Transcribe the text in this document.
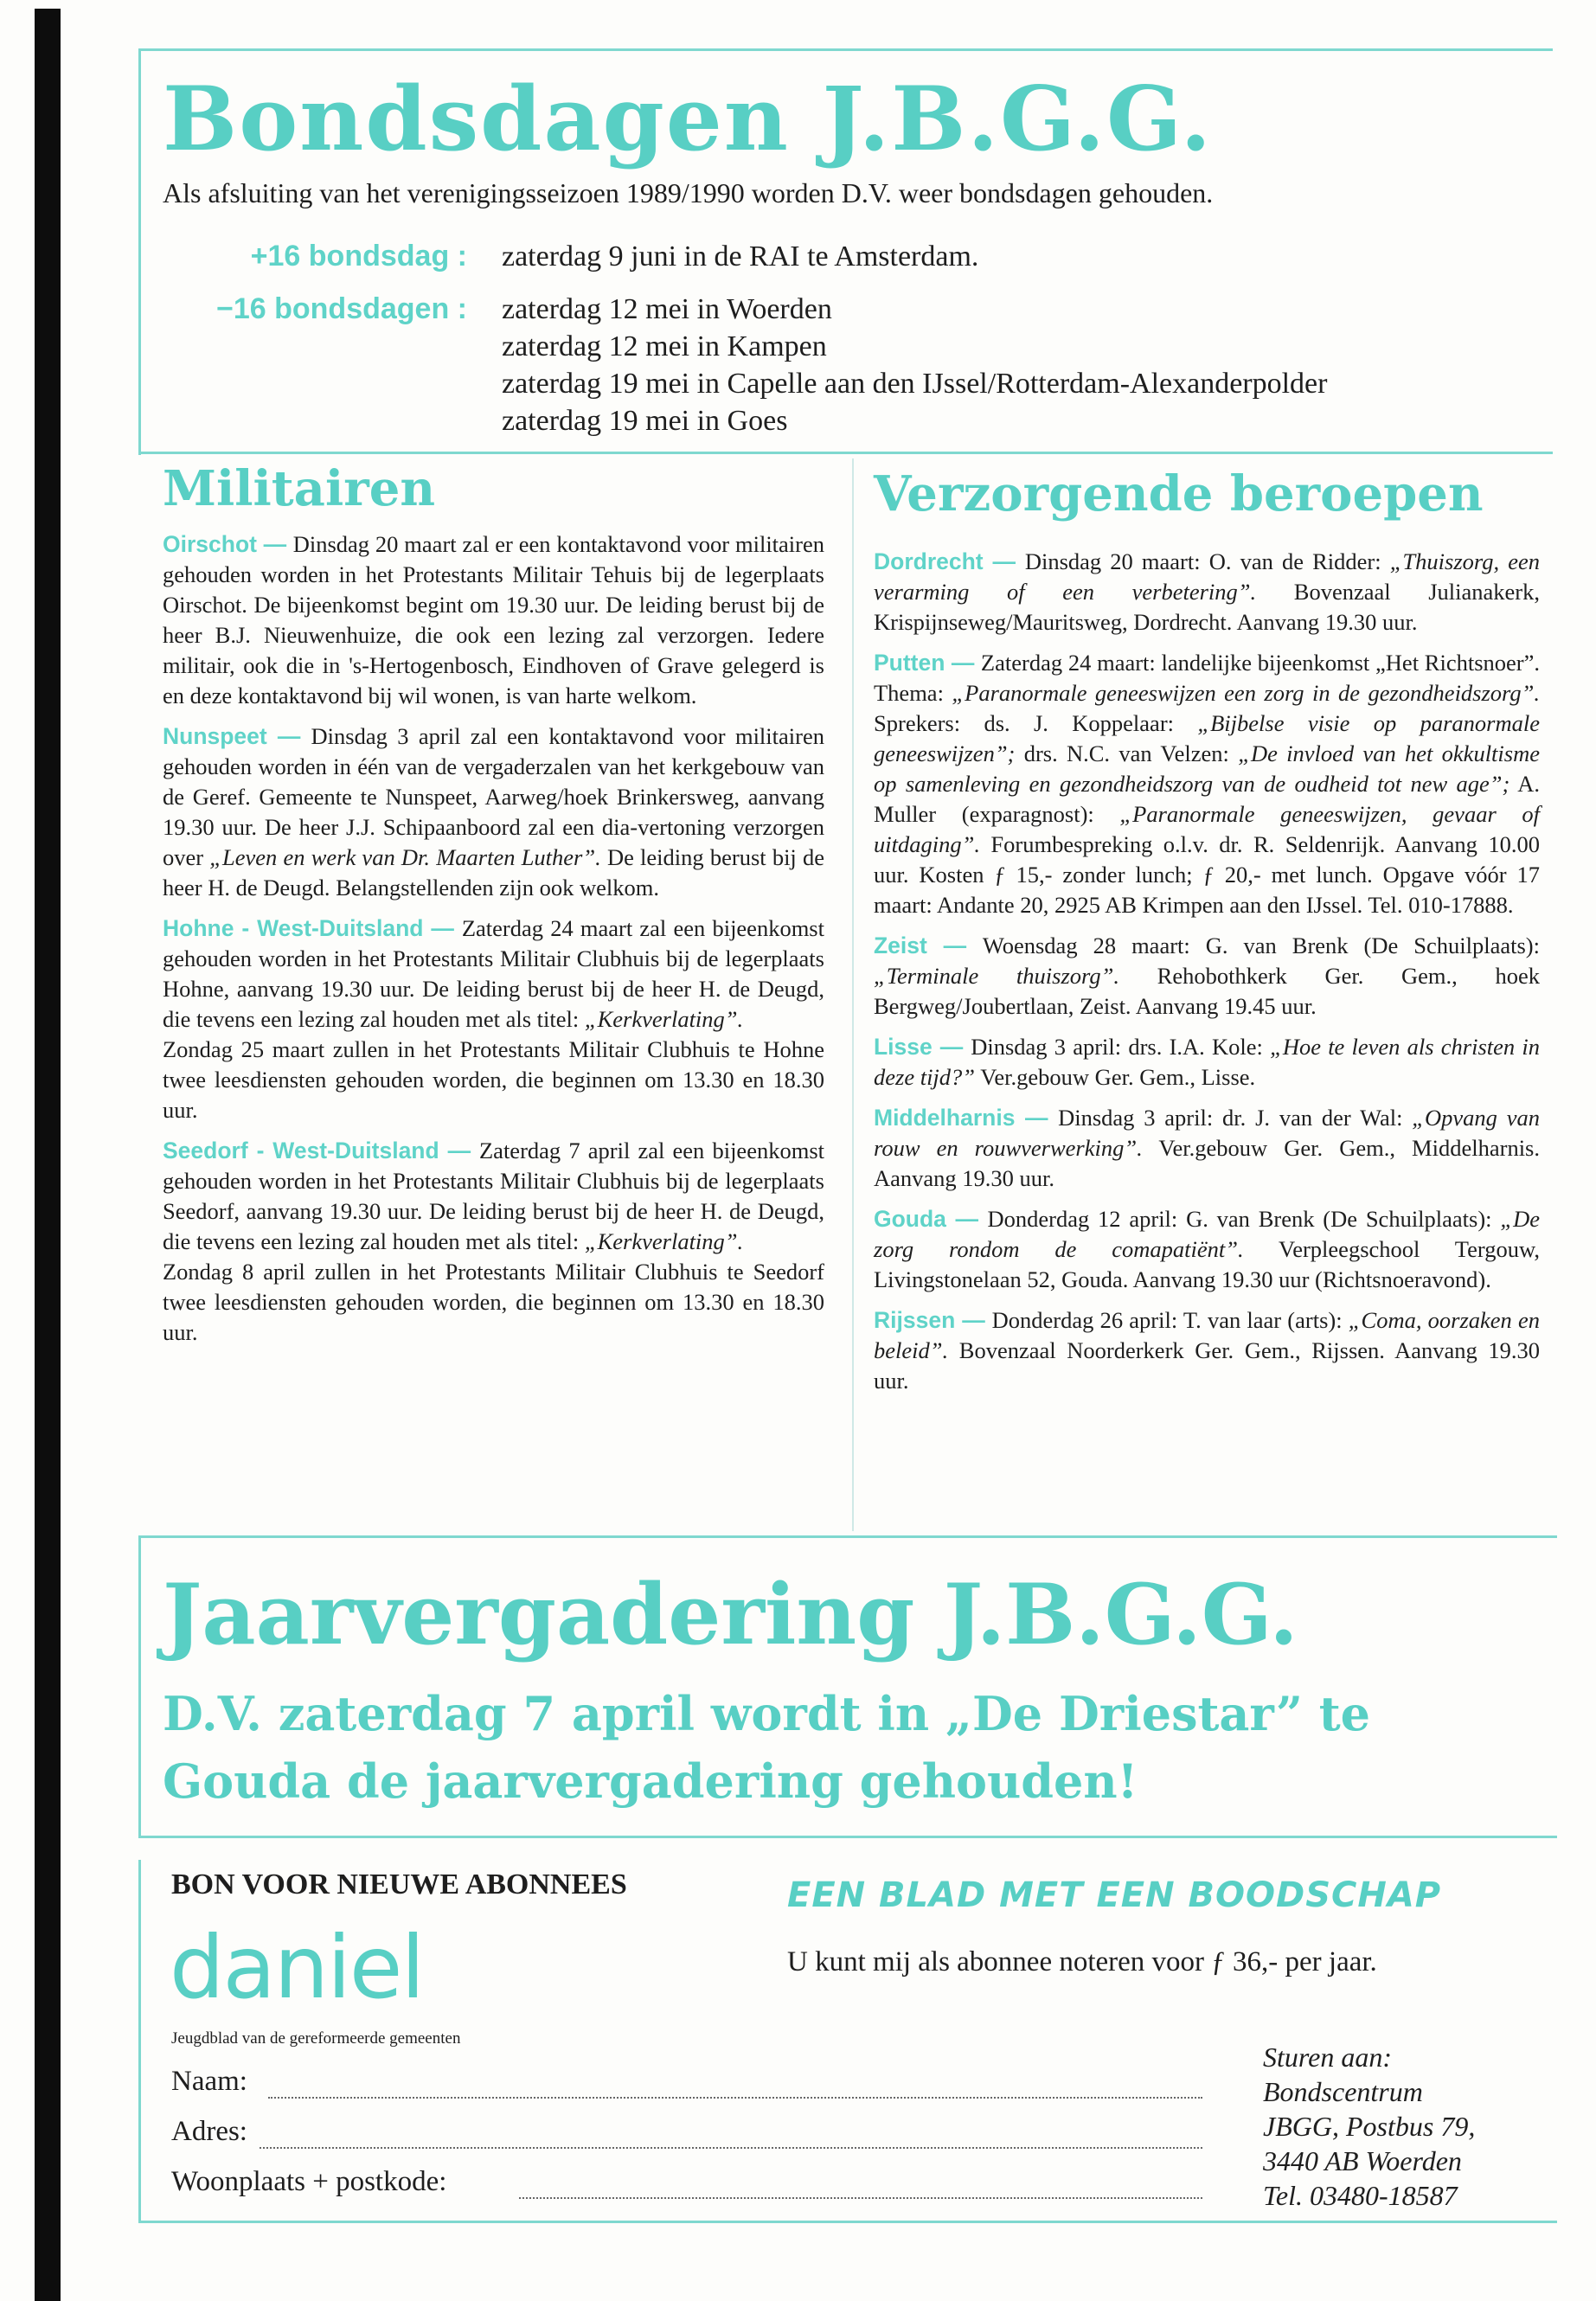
Bondsdagen J.B.G.G.
Als afsluiting van het verenigingsseizoen 1989/1990 worden D.V. weer bondsdagen gehouden.
+16 bondsdag : zaterdag 9 juni in de RAI te Amsterdam.
−16 bondsdagen : zaterdag 12 mei in Woerden
zaterdag 12 mei in Kampen
zaterdag 19 mei in Capelle aan den IJssel/Rotterdam-Alexanderpolder
zaterdag 19 mei in Goes
Militairen

Oirschot — Dinsdag 20 maart zal er een kontaktavond voor militairen gehouden worden in het Protestants Militair Tehuis bij de legerplaats Oirschot. De bijeenkomst begint om 19.30 uur. De leiding berust bij de heer B.J. Nieuwenhuize, die ook een lezing zal verzorgen. Iedere militair, ook die in 's-Hertogenbosch, Eindhoven of Grave gelegerd is en deze kontaktavond bij wil wonen, is van harte welkom.

Nunspeet — Dinsdag 3 april zal een kontaktavond voor militairen gehouden worden in één van de vergaderzalen van het kerkgebouw van de Geref. Gemeente te Nunspeet, Aarweg/hoek Brinkersweg, aanvang 19.30 uur. De heer J.J. Schipaanboord zal een dia-vertoning verzorgen over „Leven en werk van Dr. Maarten Luther”. De leiding berust bij de heer H. de Deugd. Belangstellenden zijn ook welkom.

Hohne - West-Duitsland — Zaterdag 24 maart zal een bijeenkomst gehouden worden in het Protestants Militair Clubhuis bij de legerplaats Hohne, aanvang 19.30 uur. De leiding berust bij de heer H. de Deugd, die tevens een lezing zal houden met als titel: „Kerkverlating”.
Zondag 25 maart zullen in het Protestants Militair Clubhuis te Hohne twee leesdiensten gehouden worden, die beginnen om 13.30 en 18.30 uur.

Seedorf - West-Duitsland — Zaterdag 7 april zal een bijeenkomst gehouden worden in het Protestants Militair Clubhuis bij de legerplaats Seedorf, aanvang 19.30 uur. De leiding berust bij de heer H. de Deugd, die tevens een lezing zal houden met als titel: „Kerkverlating”.
Zondag 8 april zullen in het Protestants Militair Clubhuis te Seedorf twee leesdiensten gehouden worden, die beginnen om 13.30 en 18.30 uur.

Verzorgende beroepen

Dordrecht — Dinsdag 20 maart: O. van de Ridder: „Thuiszorg, een verarming of een verbetering”. Bovenzaal Julianakerk, Krispijnseweg/Mauritsweg, Dordrecht. Aanvang 19.30 uur.

Putten — Zaterdag 24 maart: landelijke bijeenkomst „Het Richtsnoer”. Thema: „Paranormale geneeswijzen een zorg in de gezondheidszorg”. Sprekers: ds. J. Koppelaar: „Bijbelse visie op paranormale geneeswijzen”; drs. N.C. van Velzen: „De invloed van het okkultisme op samenleving en gezondheidszorg van de oudheid tot new age”; A. Muller (exparagnost): „Paranormale geneeswijzen, gevaar of uitdaging”. Forumbespreking o.l.v. dr. R. Seldenrijk. Aanvang 10.00 uur. Kosten ƒ 15,- zonder lunch; ƒ 20,- met lunch. Opgave vóór 17 maart: Andante 20, 2925 AB Krimpen aan den IJssel. Tel. 010-17888.

Zeist — Woensdag 28 maart: G. van Brenk (De Schuilplaats): „Terminale thuiszorg”. Rehobothkerk Ger. Gem., hoek Bergweg/Joubertlaan, Zeist. Aanvang 19.45 uur.

Lisse — Dinsdag 3 april: drs. I.A. Kole: „Hoe te leven als christen in deze tijd?” Ver.gebouw Ger. Gem., Lisse.

Middelharnis — Dinsdag 3 april: dr. J. van der Wal: „Opvang van rouw en rouwverwerking”. Ver.gebouw Ger. Gem., Middelharnis. Aanvang 19.30 uur.

Gouda — Donderdag 12 april: G. van Brenk (De Schuilplaats): „De zorg rondom de comapatiënt”. Verpleegschool Tergouw, Livingstonelaan 52, Gouda. Aanvang 19.30 uur (Richtsnoeravond).

Rijssen — Donderdag 26 april: T. van laar (arts): „Coma, oorzaken en beleid”. Bovenzaal Noorderkerk Ger. Gem., Rijssen. Aanvang 19.30 uur.

Jaarvergadering J.B.G.G.
D.V. zaterdag 7 april wordt in „De Driestar” te Gouda de jaarvergadering gehouden!
BON VOOR NIEUWE ABONNEES	EEN BLAD MET EEN BOODSCHAP
U kunt mij als abonnee noteren voor ƒ 36,- per jaar.
daniel
Jeugdblad van de gereformeerde gemeenten
Naam:
Adres:
Woonplaats + postkode:
Sturen aan:
Bondscentrum
JBGG, Postbus 79,
3440 AB Woerden
Tel. 03480-18587
